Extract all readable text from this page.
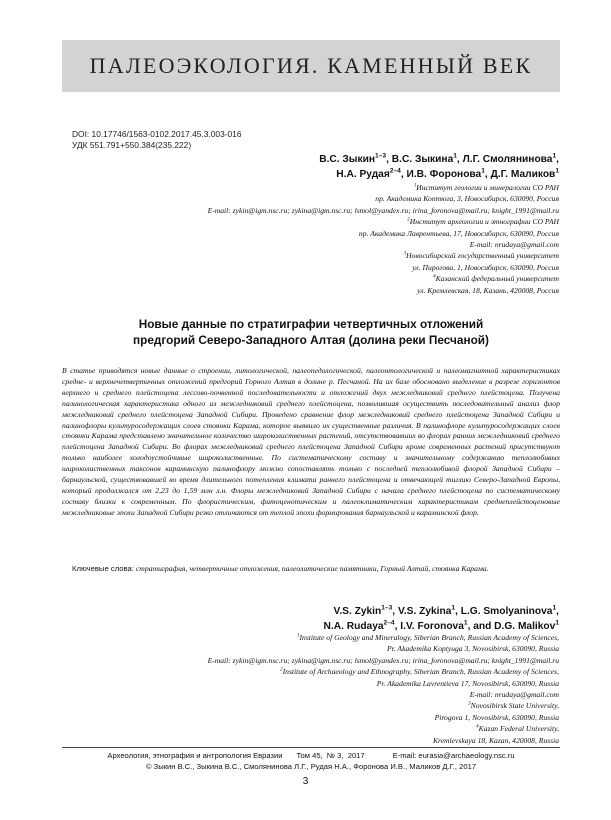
ПАЛЕОЭКОЛОГИЯ. КАМЕННЫЙ ВЕК
DOI: 10.17746/1563-0102.2017.45.3.003-016
УДК 551.791+550.384(235.222)
В.С. Зыкин$^{1-3}$, В.С. Зыкина$^1$, Л.Г. Смолянинова$^1$,
Н.А. Рудая$^{2-4}$, И.В. Форонова$^1$, Д.Г. Маликов$^1$
$^1$Институт геологии и минералогии СО РАН
пр. Академика Коптюга, 3, Новосибирск, 630090, Россия
E-mail: zykin@igm.nsc.ru; zykina@igm.nsc.ru; lsmol@yandex.ru; irina_foronova@mail.ru; knight_1991@mail.ru
$^2$Институт археологии и этнографии СО РАН
пр. Академика Лаврентьева, 17, Новосибирск, 630090, Россия
E-mail: nrudaya@gmail.com
$^3$Новосибирский государственный университет
ул. Пирогова, 1, Новосибирск, 630090, Россия
$^4$Казанский федеральный университет
ул. Кремлевская, 18, Казань, 420008, Россия
Новые данные по стратиграфии четвертичных отложений
предгорий Северо-Западного Алтая (долина реки Песчаной)
В статье приводятся новые данные о строении, литологической, палеопедологической, палеонтологической и палеомагнитной характеристиках средне- и верхнечетвертичных отложений предгорий Горного Алтая в долине р. Песчаной. На их базе обосновано выделение в разрезе горизонтов верхнего и среднего плейстоцена лессово-почвенной последовательности и отложений двух межледниковий среднего плейстоцена. Получена палинологическая характеристика одного из межледниковий среднего плейстоцена, позволившая осуществить последовательный анализ флор межледниковий среднего плейстоцена Западной Сибири. Проведено сравнение флор межледниковий среднего плейстоцена Западной Сибири и палинофлоры культуросодержащих слоев стоянки Карама, которое выявило их существенные различия. В палинофлоре культуросодержащих слоев стоянки Карама представлено значительное количество широколиственных растений, отсутствовавших во флорах ранних межледниковий среднего плейстоцена Западной Сибири. Во флорах межледниковий среднего плейстоцена Западной Сибири кроме современных растений присутствуют только наиболее холодоустойчивые широколиственные. По систематическому составу и значительному содержанию теплолюбивых широколиственных таксонов караминскую палинофлору можно сопоставлять только с последней теплолюбивой флорой Западной Сибири – барнаульской, существовавшей во время длительного потепления климата раннего плейстоцена и отвечающей тиглию Северо-Западной Европы, который продолжался от 2,23 до 1,59 млн л.н. Флоры межледниковий Западной Сибири с начала среднего плейстоцена по систематическому составу близки к современным. По флористическим, фитоценотическим и палеоклиматическим характеристикам среднеплейстоценовые межледниковые эпохи Западной Сибири резко отличаются от теплой эпохи формирования барнаульской и караминской флор.
Ключевые слова: стратиграфия, четвертичные отложения, палеолитические памятники, Горный Алтай, стоянка Карама.
V.S. Zykin$^{1-3}$, V.S. Zykina$^1$, L.G. Smolyaninova$^1$,
N.A. Rudaya$^{2-4}$, I.V. Foronova$^1$, and D.G. Malikov$^1$
$^1$Institute of Geology and Mineralogy, Siberian Branch, Russian Academy of Sciences,
Pr. Akademika Koptyuga 3, Novosibirsk, 630090, Russia
E-mail: zykin@igm.nsc.ru; zykina@igm.nsc.ru; lsmol@yandex.ru; irina_foronova@mail.ru; knight_1991@mail.ru
$^2$Institute of Archaeology and Ethnography, Siberian Branch, Russian Academy of Sciences,
Pr. Akademika Lavrentieva 17, Novosibirsk, 630090, Russia
E-mail: nrudaya@gmail.com
$^3$Novosibirsk State University,
Pirogova 1, Novosibirsk, 630090, Russia
$^4$Kazan Federal University,
Kremlevskaya 18, Kazan, 420008, Russia
Археология, этнография и антропология Евразии Том 45, № 3, 2017	E-mail: eurasia@archaeology.nsc.ru
© Зыкин В.С., Зыкина В.С., Смолянинова Л.Г., Рудая Н.А., Форонова И.В., Маликов Д.Г., 2017
3
